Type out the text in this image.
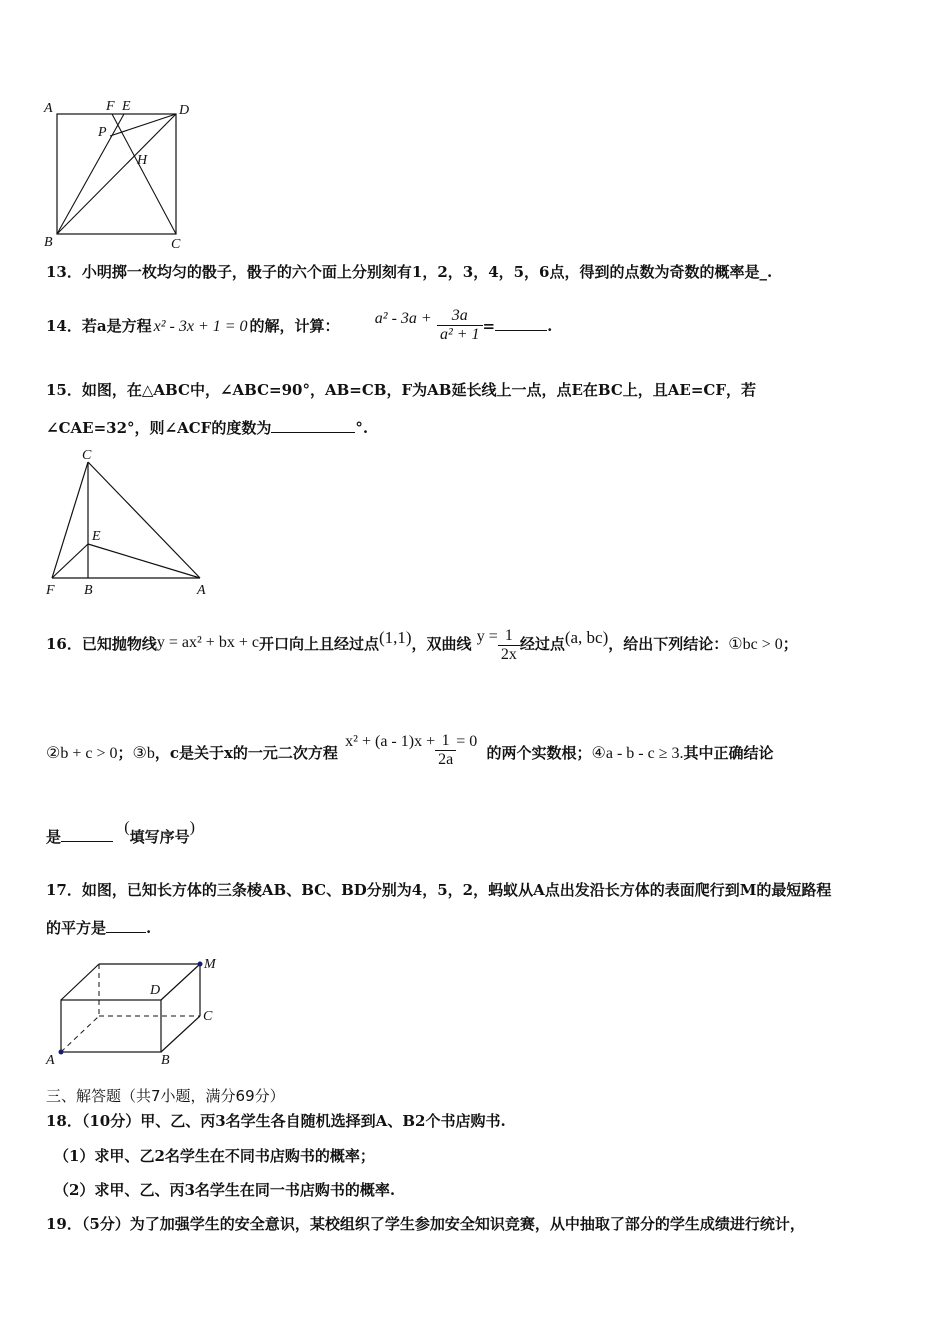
A	F E	D
P
H
B	C
13．小明掷一枚均匀的骰子，骰子的六个面上分别刻有1，2，3，4，5，6点，得到的点数为奇数的概率是_.
14．若a是方程 x² - 3x + 1 = 0 的解，计算： $a^2 - 3a + \frac{3a}{\text{a² + 1}}$ =	.
15．如图，在△ABC中，∠ABC=90°，AB=CB，F为AB延长线上一点，点E在BC上，且AE=CF，若
∠CAE=32°，则∠ACF的度数为	°.
C
E
F B	A
16．已知抛物线y = ax² + bx + c开口向上且经过点(1,1)，双曲线 $y = \frac{1}{2x}$ 经过点(a, bc)，给出下列结论：①bc > 0；
②b + c > 0；③b，c是关于x的一元二次方程 $x^2 + (a - 1)x + \frac{1}{2a} = 0$ 的两个实数根；④a - b - c ≥ 3.其中正确结论
是 (填写序号)
17．如图，已知长方体的三条棱AB、BC、BD分别为4，5，2，蚂蚁从A点出发沿长方体的表面爬行到M的最短路程
的平方是	.
M
D
C
A	B
三、解答题（共7小题，满分69分）
18．（10分）甲、乙、丙3名学生各自随机选择到A、B2个书店购书.
（1）求甲、乙2名学生在不同书店购书的概率；
（2）求甲、乙、丙3名学生在同一书店购书的概率.
19．（5分）为了加强学生的安全意识，某校组织了学生参加安全知识竞赛，从中抽取了部分的学生成绩进行统计，
